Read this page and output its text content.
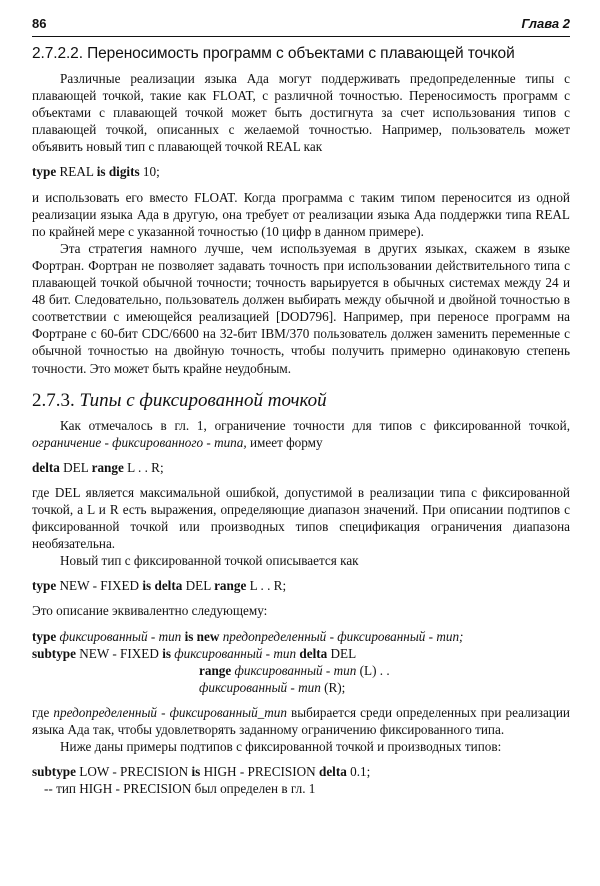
86	Глава 2
2.7.2.2. Переносимость программ с объектами с плавающей точкой

Различные реализации языка Ада могут поддерживать предопределенные типы с плавающей точкой, такие как FLOAT, с различной точностью. Переносимость программ с объектами с плавающей точкой может быть достигнута за счет использования типов с плавающей точкой, описанных с желаемой точностью. Например, пользователь может объявить новый тип с плавающей точкой REAL как

type REAL is digits 10;

и использовать его вместо FLOAT. Когда программа с таким типом переносится из одной реализации языка Ада в другую, она требует от реализации языка Ада поддержки типа REAL по крайней мере с указанной точностью (10 цифр в данном примере).

Эта стратегия намного лучше, чем используемая в других языках, скажем в языке Фортран. Фортран не позволяет задавать точность при использовании действительного типа с плавающей точкой обычной точности; точность варьируется в обычных системах между 24 и 48 бит. Следовательно, пользователь должен выбирать между обычной и двойной точностью в соответствии с имеющейся реализацией [DOD796]. Например, при переносе программ на Фортране с 60-бит CDC/6600 на 32-бит IBM/370 пользователь должен заменить переменные с обычной точностью на двойную точность, чтобы получить примерно одинаковую степень точности. Это может быть крайне неудобным.

2.7.3. Типы с фиксированной точкой

Как отмечалось в гл. 1, ограничение точности для типов с фиксированной точкой, ограничение - фиксированного - типа, имеет форму

delta DEL range L . . R;

где DEL является максимальной ошибкой, допустимой в реализации типа с фиксированной точкой, а L и R есть выражения, определяющие диапазон значений. При описании подтипов с фиксированной точкой или производных типов спецификация ограничения диапазона необязательна.

Новый тип с фиксированной точкой описывается как

type NEW - FIXED is delta DEL range L . . R;

Это описание эквивалентно следующему:

type фиксированный - тип is new предопределенный - фиксированный - тип;
subtype NEW - FIXED is фиксированный - тип delta DEL
range фиксированный - тип (L) . .
фиксированный - тип (R);

где предопределенный - фиксированный_тип выбирается среди определенных при реализации языка Ада так, чтобы удовлетворять заданному ограничению фиксированного типа.

Ниже даны примеры подтипов с фиксированной точкой и производных типов:

subtype LOW - PRECISION is HIGH - PRECISION delta 0.1;
-- тип HIGH - PRECISION был определен в гл. 1
